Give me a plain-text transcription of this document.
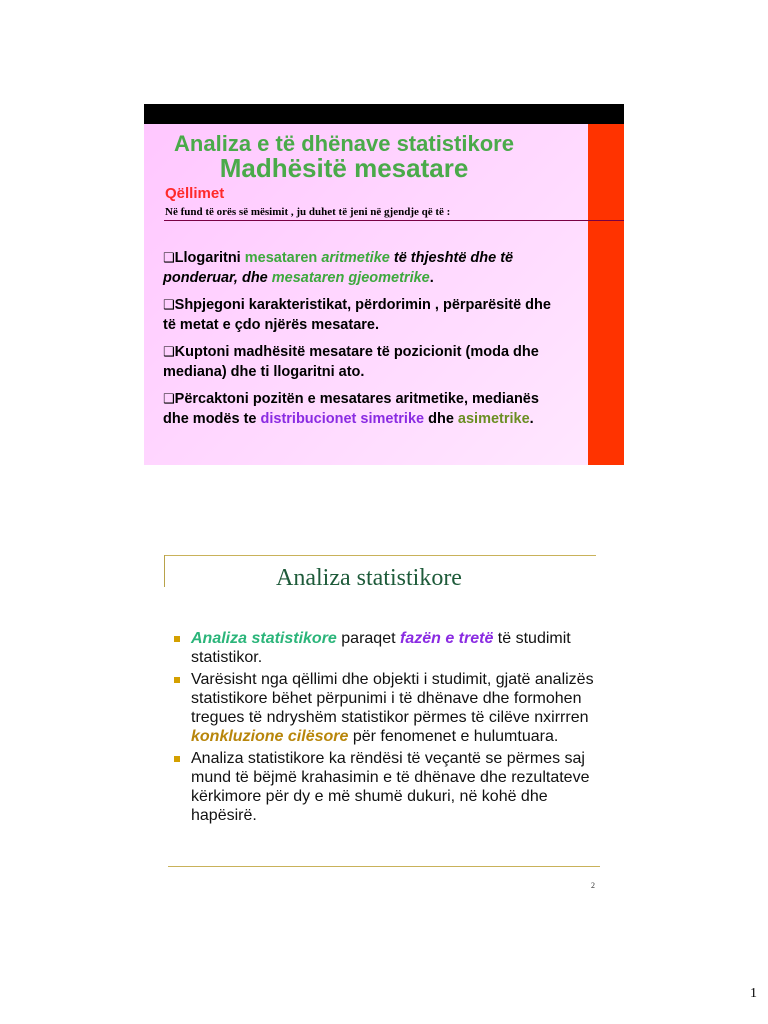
Analiza e të dhënave statistikore
Madhësitë mesatare
Qëllimet
Në fund të orës së mësimit , ju duhet të jeni në gjendje që të :
❑Llogaritni mesataren aritmetike të thjeshtë dhe të ponderuar, dhe mesataren gjeometrike.
❑Shpjegoni karakteristikat, përdorimin , përparësitë dhe të metat e çdo njërës mesatare.
❑Kuptoni madhësitë mesatare të pozicionit (moda dhe mediana) dhe ti llogaritni ato.
❑Përcaktoni pozitën e mesatares aritmetike, medianës dhe modës te distribucionet simetrike dhe asimetrike.
Analiza statistikore
Analiza statistikore paraqet fazën e tretë të studimit statistikor.
Varësisht nga qëllimi dhe objekti i studimit, gjatë analizës statistikore bëhet përpunimi i të dhënave dhe formohen tregues të ndryshëm statistikor përmes të cilëve nxirrren konkluzione cilësore për fenomenet e hulumtuara.
Analiza statistikore ka rëndësi të veçantë se përmes saj mund të bëjmë krahasimin e të dhënave dhe rezultateve kërkimore për dy e më shumë dukuri, në kohë dhe hapësirë.
2
1
